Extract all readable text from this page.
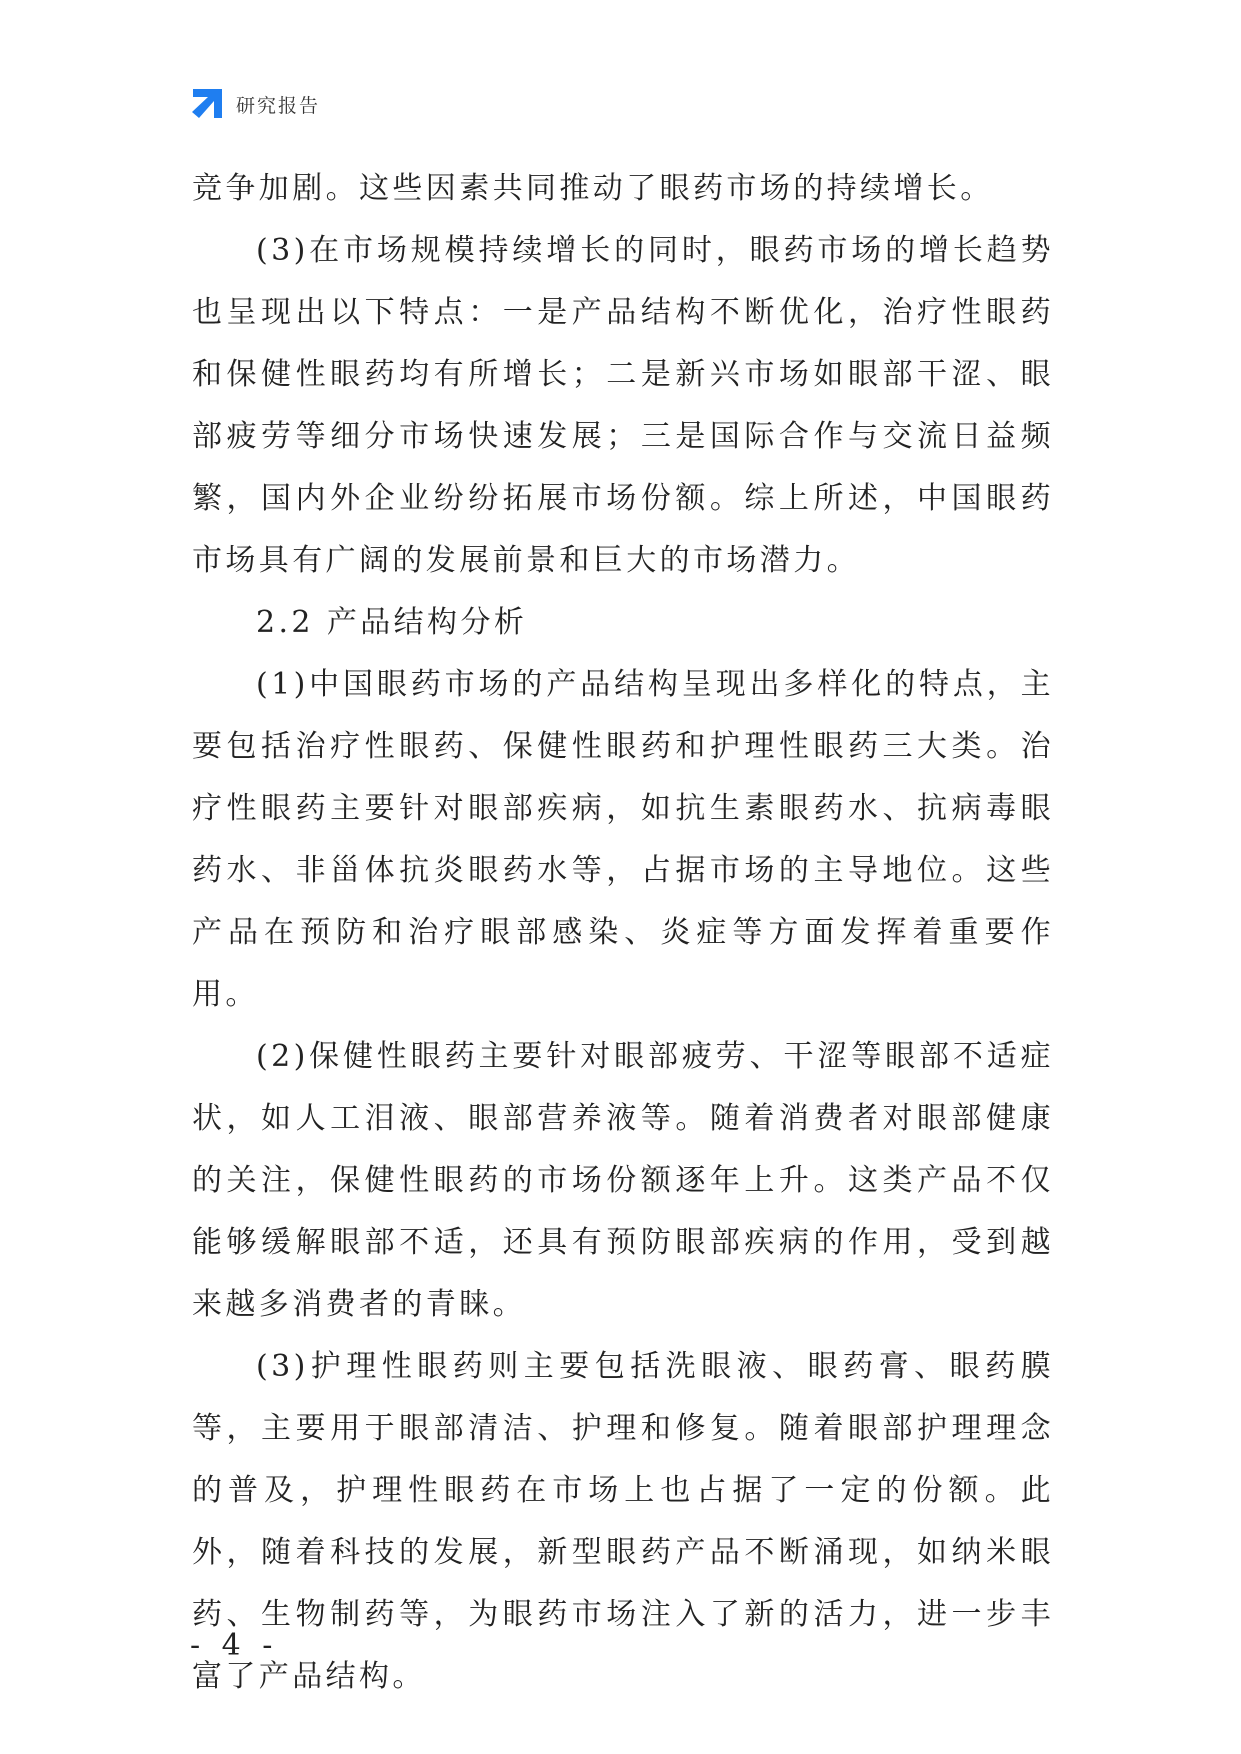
研究报告

竞争加剧。这些因素共同推动了眼药市场的持续增长。

(3)在市场规模持续增长的同时，眼药市场的增长趋势也呈现出以下特点：一是产品结构不断优化，治疗性眼药和保健性眼药均有所增长；二是新兴市场如眼部干涩、眼部疲劳等细分市场快速发展；三是国际合作与交流日益频繁，国内外企业纷纷拓展市场份额。综上所述，中国眼药市场具有广阔的发展前景和巨大的市场潜力。

2.2 产品结构分析

(1)中国眼药市场的产品结构呈现出多样化的特点，主要包括治疗性眼药、保健性眼药和护理性眼药三大类。治疗性眼药主要针对眼部疾病，如抗生素眼药水、抗病毒眼药水、非甾体抗炎眼药水等，占据市场的主导地位。这些产品在预防和治疗眼部感染、炎症等方面发挥着重要作用。

(2)保健性眼药主要针对眼部疲劳、干涩等眼部不适症状，如人工泪液、眼部营养液等。随着消费者对眼部健康的关注，保健性眼药的市场份额逐年上升。这类产品不仅能够缓解眼部不适，还具有预防眼部疾病的作用，受到越来越多消费者的青睐。

(3)护理性眼药则主要包括洗眼液、眼药膏、眼药膜等，主要用于眼部清洁、护理和修复。随着眼部护理理念的普及，护理性眼药在市场上也占据了一定的份额。此外，随着科技的发展，新型眼药产品不断涌现，如纳米眼药、生物制药等，为眼药市场注入了新的活力，进一步丰富了产品结构。

- 4 -
